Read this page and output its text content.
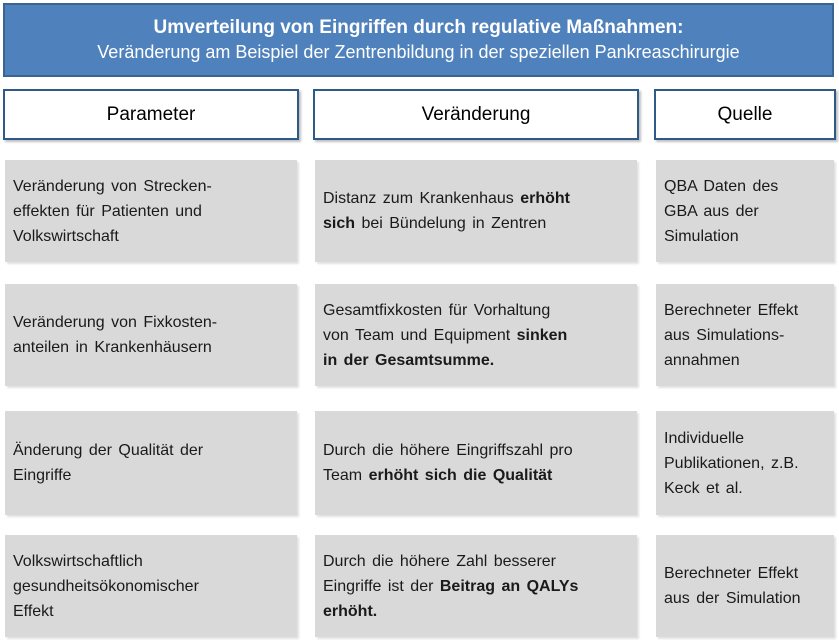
Umverteilung von Eingriffen durch regulative Maßnahmen:
Veränderung am Beispiel der Zentrenbildung in der speziellen Pankreaschirurgie
Parameter	Veränderung	Quelle
Veränderung von Strecken-
effekten für Patienten und
Volkswirtschaft
Distanz zum Krankenhaus erhöht
sich bei Bündelung in Zentren
QBA Daten des
GBA aus der
Simulation
Veränderung von Fixkosten-
anteilen in Krankenhäusern
Gesamtfixkosten für Vorhaltung
von Team und Equipment sinken
in der Gesamtsumme.
Berechneter Effekt
aus Simulations-
annahmen
Änderung der Qualität der
Eingriffe
Durch die höhere Eingriffszahl pro
Team erhöht sich die Qualität
Individuelle
Publikationen, z.B.
Keck et al.
Volkswirtschaftlich
gesundheitsökonomischer
Effekt
Durch die höhere Zahl besserer
Eingriffe ist der Beitrag an QALYs
erhöht.
Berechneter Effekt
aus der Simulation
